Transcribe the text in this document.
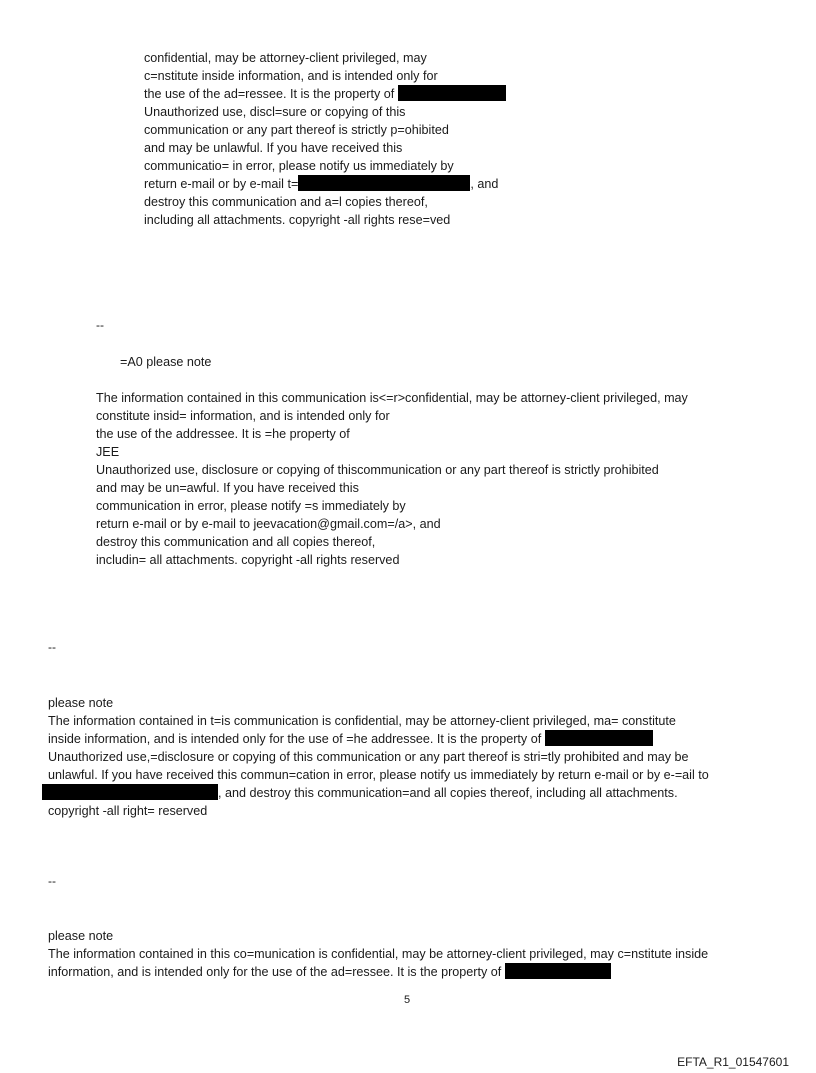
confidential, may be attorney-client privileged, may
c=nstitute inside information, and is intended only for
the use of the ad=ressee. It is the property of
Unauthorized use, discl=sure or copying of this
communication or any part thereof is strictly p=ohibited
and may be unlawful. If you have received this
communicatio= in error, please notify us immediately by
return e-mail or by e-mail t=	, and
destroy this communication and a=l copies thereof,
including all attachments. copyright -all rights rese=ved
--
=A0 please note
The information contained in this communication is<=r>confidential, may be attorney-client privileged, may
constitute insid= information, and is intended only for
the use of the addressee. It is =he property of
JEE
Unauthorized use, disclosure or copying of thiscommunication or any part thereof is strictly prohibited
and may be un=awful. If you have received this
communication in error, please notify =s immediately by
return e-mail or by e-mail to jeevacation@gmail.com=/a>, and
destroy this communication and all copies thereof,
includin= all attachments. copyright -all rights reserved
--
please note
The information contained in t=is communication is confidential, may be attorney-client privileged, ma= constitute
inside information, and is intended only for the use of =he addressee. It is the property of
Unauthorized use,=disclosure or copying of this communication or any part thereof is stri=tly prohibited and may be
unlawful. If you have received this commun=cation in error, please notify us immediately by return e-mail or by e-=ail to
, and destroy this communication=and all copies thereof, including all attachments.
copyright -all right= reserved
--
please note
The information contained in this co=munication is confidential, may be attorney-client privileged, may c=nstitute inside
information, and is intended only for the use of the ad=ressee. It is the property of
5
EFTA_R1_01547601
